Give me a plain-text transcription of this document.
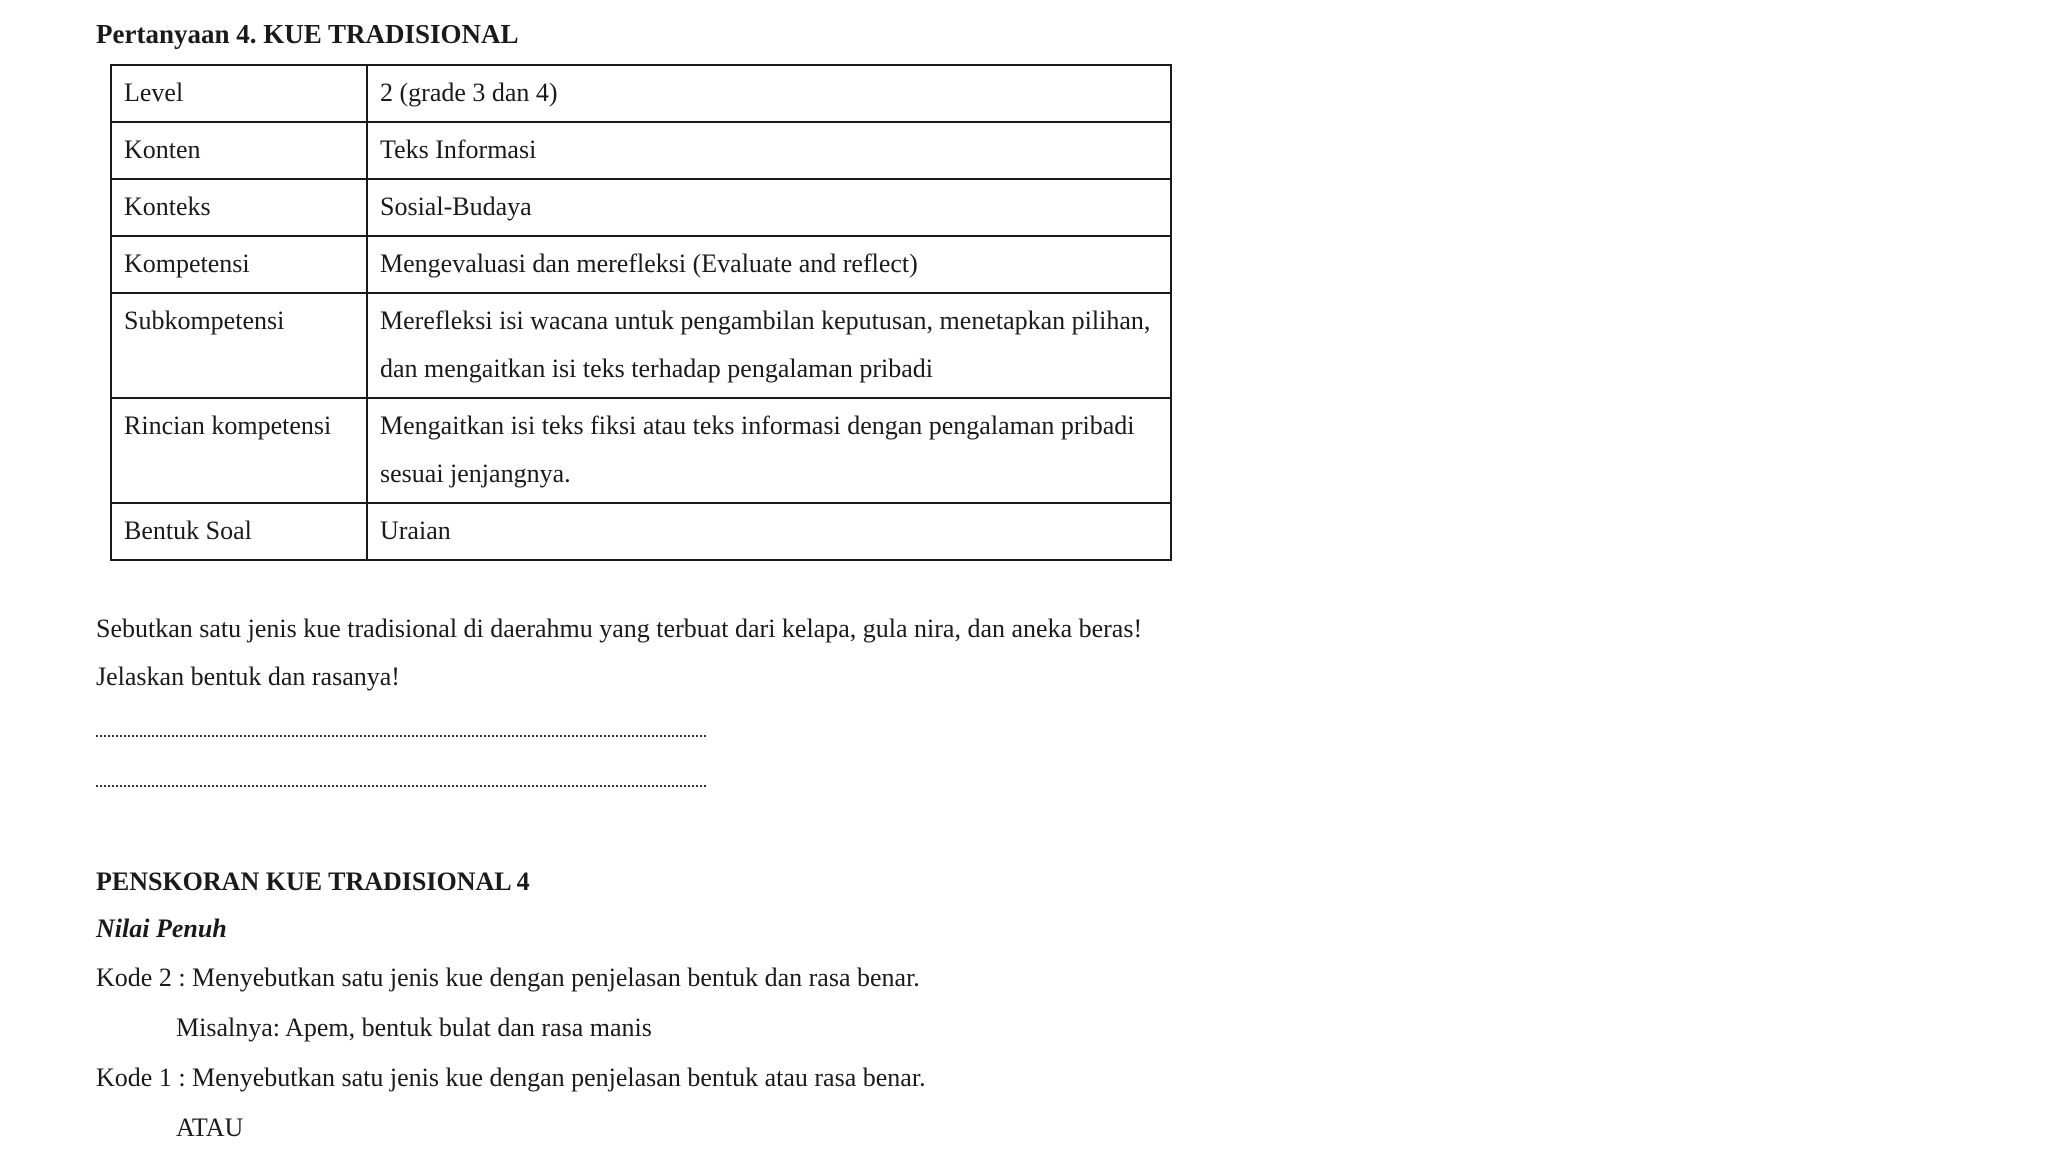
Pertanyaan 4. KUE TRADISIONAL
Level	2 (grade 3 dan 4)
Konten	Teks Informasi
Konteks	Sosial-Budaya
Kompetensi	Mengevaluasi dan merefleksi (Evaluate and reflect)
Subkompetensi	Merefleksi isi wacana untuk pengambilan keputusan, menetapkan pilihan, dan mengaitkan isi teks terhadap pengalaman pribadi
Rincian kompetensi	Mengaitkan isi teks fiksi atau teks informasi dengan pengalaman pribadi sesuai jenjangnya.
Bentuk Soal	Uraian
Sebutkan satu jenis kue tradisional di daerahmu yang terbuat dari kelapa, gula nira, dan aneka beras! Jelaskan bentuk dan rasanya!
PENSKORAN KUE TRADISIONAL 4
Nilai Penuh
Kode 2 : Menyebutkan satu jenis kue dengan penjelasan bentuk dan rasa benar.
Misalnya: Apem, bentuk bulat dan rasa manis
Kode 1 : Menyebutkan satu jenis kue dengan penjelasan bentuk atau rasa benar.
ATAU
